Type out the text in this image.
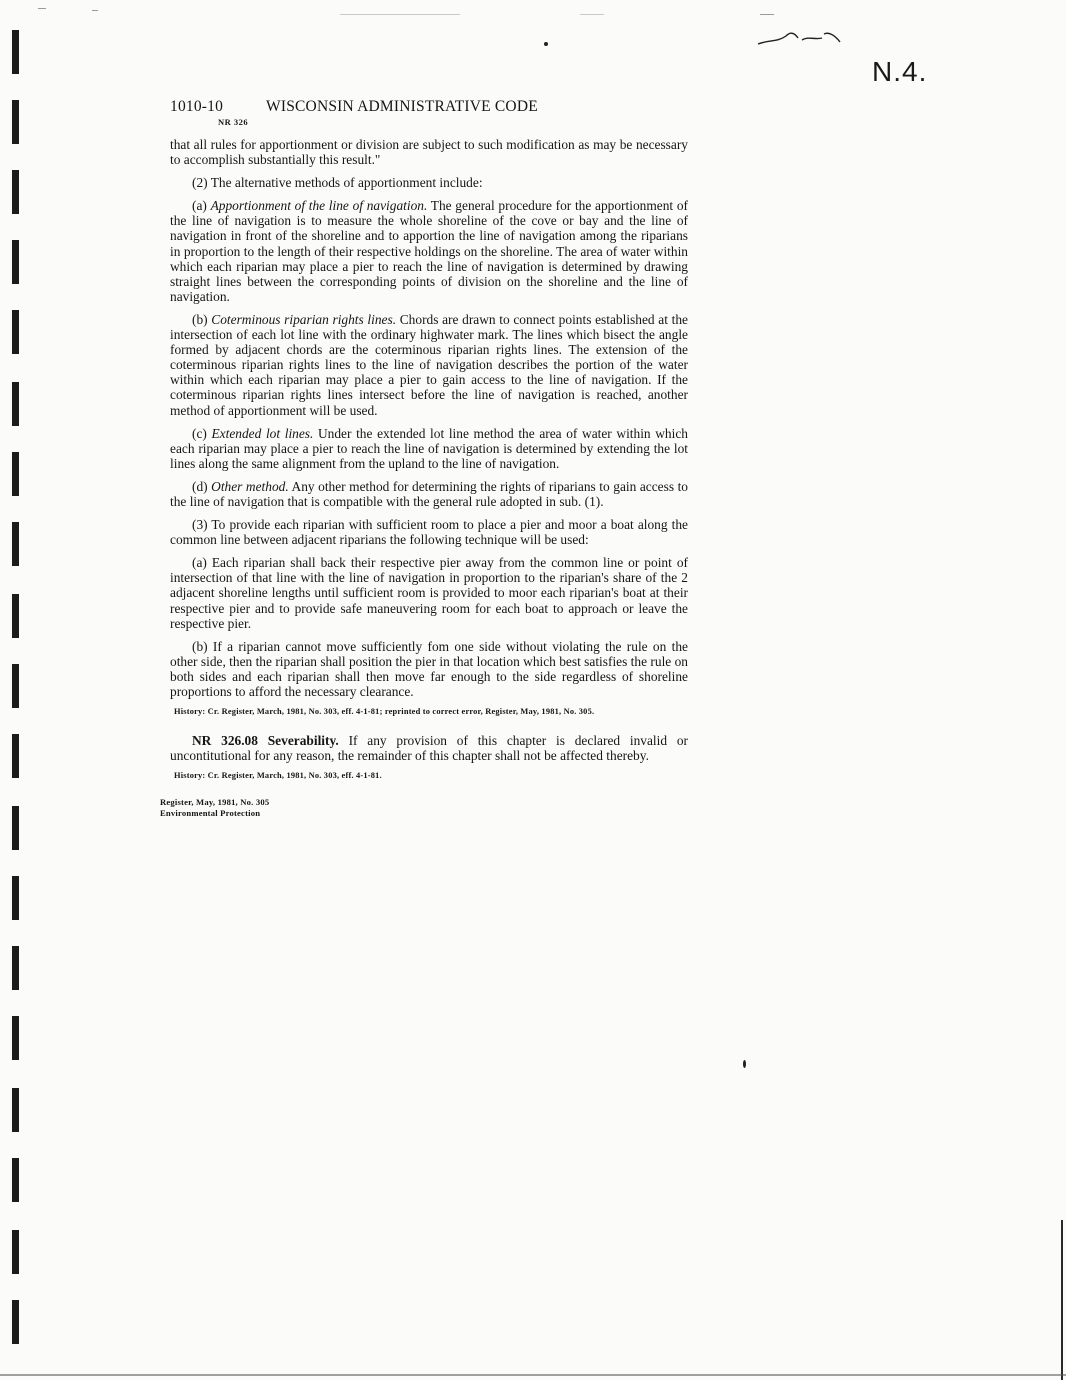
N.4.
1010-10	WISCONSIN ADMINISTRATIVE CODE
NR 326

that all rules for apportionment or division are subject to such modification as may be necessary to accomplish substantially this result."

(2) The alternative methods of apportionment include:

(a) Apportionment of the line of navigation. The general procedure for the apportionment of the line of navigation is to measure the whole shoreline of the cove or bay and the line of navigation in front of the shoreline and to apportion the line of navigation among the riparians in proportion to the length of their respective holdings on the shoreline. The area of water within which each riparian may place a pier to reach the line of navigation is determined by drawing straight lines between the corresponding points of division on the shoreline and the line of navigation.

(b) Coterminous riparian rights lines. Chords are drawn to connect points established at the intersection of each lot line with the ordinary highwater mark. The lines which bisect the angle formed by adjacent chords are the coterminous riparian rights lines. The extension of the coterminous riparian rights lines to the line of navigation describes the portion of the water within which each riparian may place a pier to gain access to the line of navigation. If the coterminous riparian rights lines intersect before the line of navigation is reached, another method of apportionment will be used.

(c) Extended lot lines. Under the extended lot line method the area of water within which each riparian may place a pier to reach the line of navigation is determined by extending the lot lines along the same alignment from the upland to the line of navigation.

(d) Other method. Any other method for determining the rights of riparians to gain access to the line of navigation that is compatible with the general rule adopted in sub. (1).

(3) To provide each riparian with sufficient room to place a pier and moor a boat along the common line between adjacent riparians the following technique will be used:

(a) Each riparian shall back their respective pier away from the common line or point of intersection of that line with the line of navigation in proportion to the riparian's share of the 2 adjacent shoreline lengths until sufficient room is provided to moor each riparian's boat at their respective pier and to provide safe maneuvering room for each boat to approach or leave the respective pier.

(b) If a riparian cannot move sufficiently fom one side without violating the rule on the other side, then the riparian shall position the pier in that location which best satisfies the rule on both sides and each riparian shall then move far enough to the side regardless of shoreline proportions to afford the necessary clearance.

History: Cr. Register, March, 1981, No. 303, eff. 4-1-81; reprinted to correct error, Register, May, 1981, No. 305.

NR 326.08 Severability. If any provision of this chapter is declared invalid or uncontitutional for any reason, the remainder of this chapter shall not be affected thereby.

History: Cr. Register, March, 1981, No. 303, eff. 4-1-81.
Register, May, 1981, No. 305
Environmental Protection
